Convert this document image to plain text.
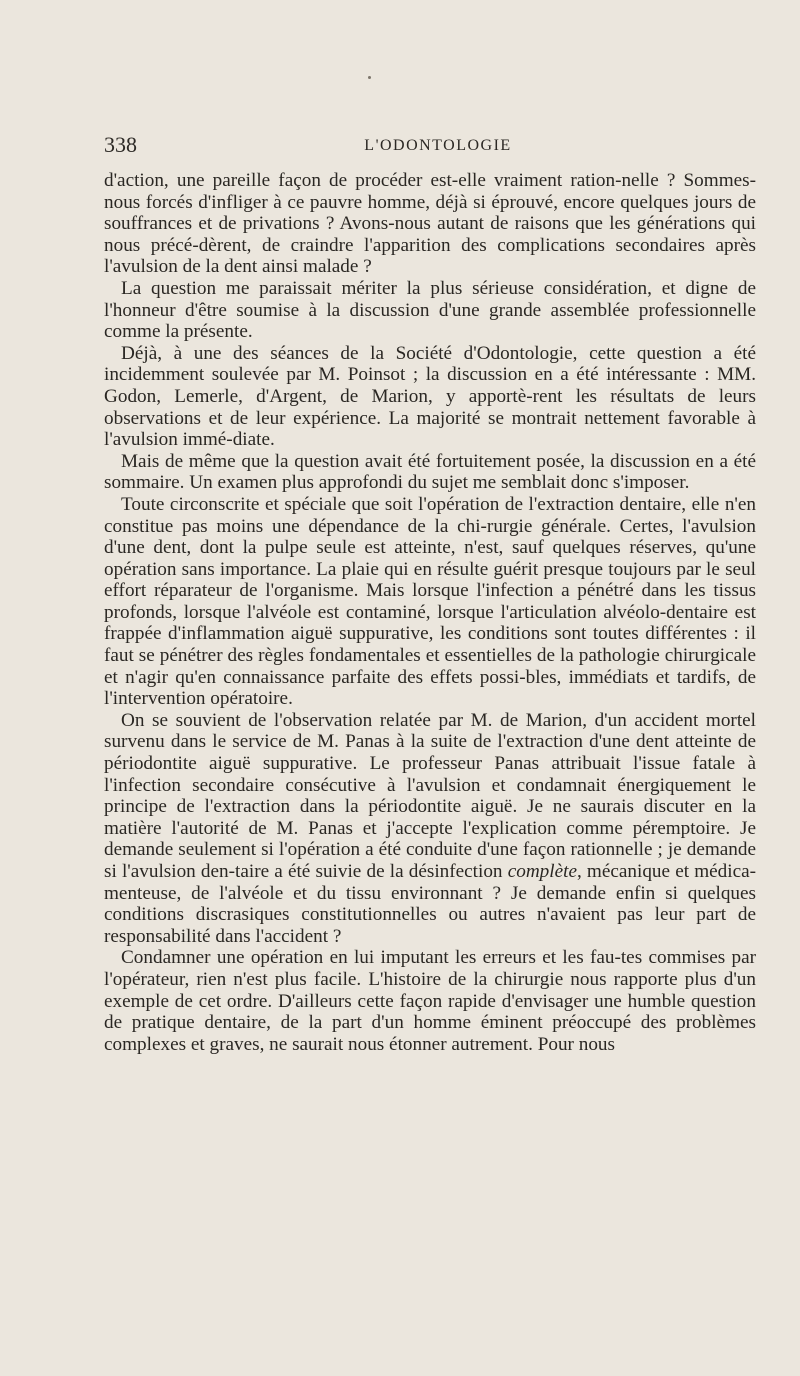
338	L'ODONTOLOGIE

d'action, une pareille façon de procéder est-elle vraiment ration-nelle ? Sommes-nous forcés d'infliger à ce pauvre homme, déjà si éprouvé, encore quelques jours de souffrances et de privations ? Avons-nous autant de raisons que les générations qui nous précé-dèrent, de craindre l'apparition des complications secondaires après l'avulsion de la dent ainsi malade ?

La question me paraissait mériter la plus sérieuse considération, et digne de l'honneur d'être soumise à la discussion d'une grande assemblée professionnelle comme la présente.

Déjà, à une des séances de la Société d'Odontologie, cette question a été incidemment soulevée par M. Poinsot ; la discussion en a été intéressante : MM. Godon, Lemerle, d'Argent, de Marion, y apportè-rent les résultats de leurs observations et de leur expérience. La majorité se montrait nettement favorable à l'avulsion immé-diate.

Mais de même que la question avait été fortuitement posée, la discussion en a été sommaire. Un examen plus approfondi du sujet me semblait donc s'imposer.

Toute circonscrite et spéciale que soit l'opération de l'extraction dentaire, elle n'en constitue pas moins une dépendance de la chi-rurgie générale. Certes, l'avulsion d'une dent, dont la pulpe seule est atteinte, n'est, sauf quelques réserves, qu'une opération sans importance. La plaie qui en résulte guérit presque toujours par le seul effort réparateur de l'organisme. Mais lorsque l'infection a pénétré dans les tissus profonds, lorsque l'alvéole est contaminé, lorsque l'articulation alvéolo-dentaire est frappée d'inflammation aiguë suppurative, les conditions sont toutes différentes : il faut se pénétrer des règles fondamentales et essentielles de la pathologie chirurgicale et n'agir qu'en connaissance parfaite des effets possi-bles, immédiats et tardifs, de l'intervention opératoire.

On se souvient de l'observation relatée par M. de Marion, d'un accident mortel survenu dans le service de M. Panas à la suite de l'extraction d'une dent atteinte de périodontite aiguë suppurative. Le professeur Panas attribuait l'issue fatale à l'infection secondaire consécutive à l'avulsion et condamnait énergiquement le principe de l'extraction dans la périodontite aiguë. Je ne saurais discuter en la matière l'autorité de M. Panas et j'accepte l'explication comme péremptoire. Je demande seulement si l'opération a été conduite d'une façon rationnelle ; je demande si l'avulsion den-taire a été suivie de la désinfection complète, mécanique et médica-menteuse, de l'alvéole et du tissu environnant ? Je demande enfin si quelques conditions discrasiques constitutionnelles ou autres n'avaient pas leur part de responsabilité dans l'accident ?

Condamner une opération en lui imputant les erreurs et les fau-tes commises par l'opérateur, rien n'est plus facile. L'histoire de la chirurgie nous rapporte plus d'un exemple de cet ordre. D'ailleurs cette façon rapide d'envisager une humble question de pratique dentaire, de la part d'un homme éminent préoccupé des problèmes complexes et graves, ne saurait nous étonner autrement. Pour nous
